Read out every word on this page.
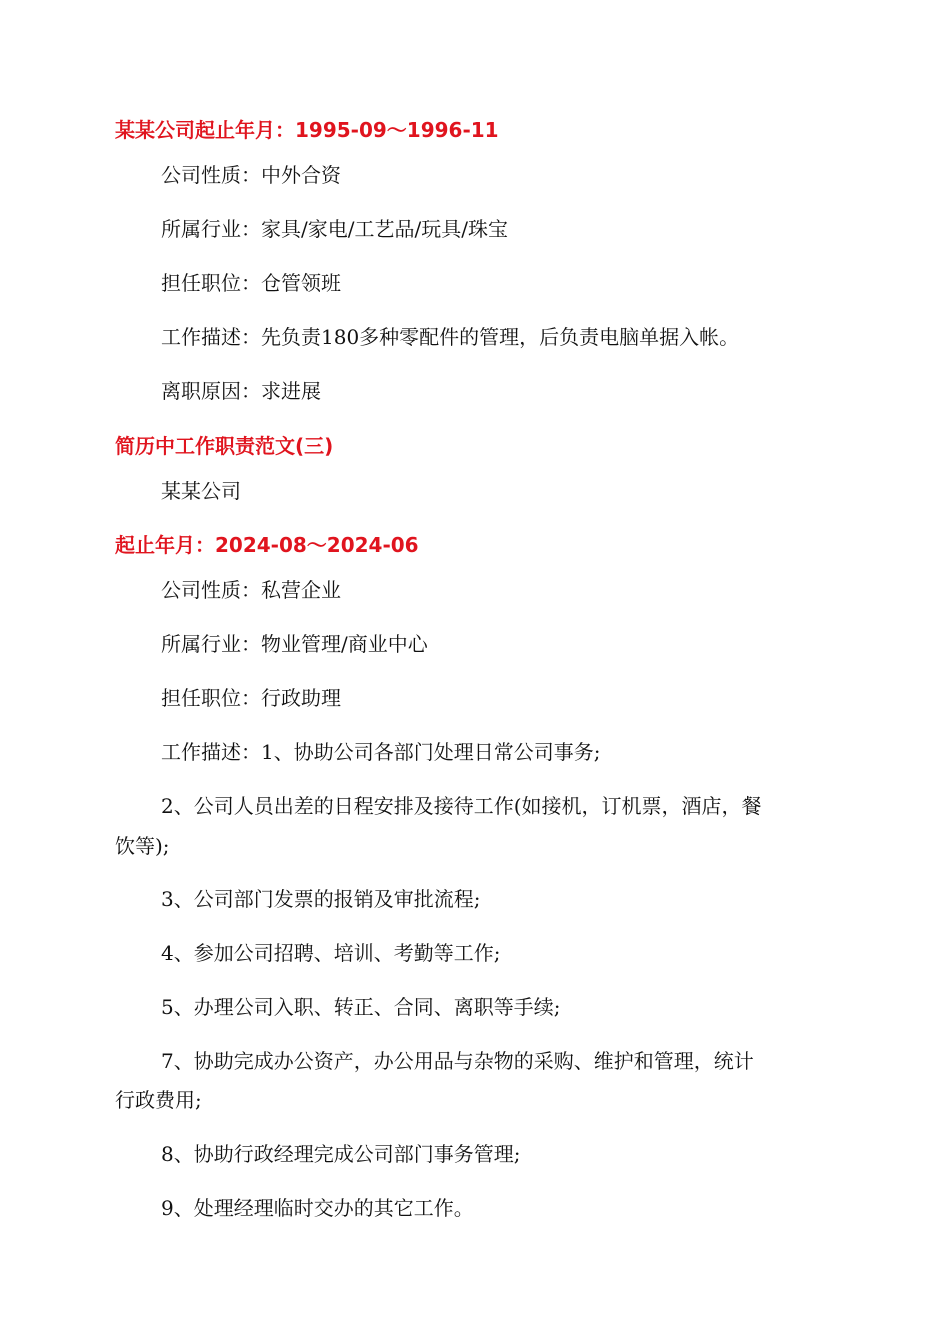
某某公司起止年月：1995-09～1996-11
公司性质：中外合资
所属行业：家具/家电/工艺品/玩具/珠宝
担任职位：仓管领班
工作描述：先负责180多种零配件的管理，后负责电脑单据入帐。
离职原因：求进展
简历中工作职责范文(三)
某某公司
起止年月：2024-08～2024-06
公司性质：私营企业
所属行业：物业管理/商业中心
担任职位：行政助理
工作描述：1、协助公司各部门处理日常公司事务;
2、公司人员出差的日程安排及接待工作(如接机，订机票，酒店，餐
饮等);
3、公司部门发票的报销及审批流程;
4、参加公司招聘、培训、考勤等工作;
5、办理公司入职、转正、合同、离职等手续;
7、协助完成办公资产，办公用品与杂物的采购、维护和管理，统计
行政费用;
8、协助行政经理完成公司部门事务管理;
9、处理经理临时交办的其它工作。
